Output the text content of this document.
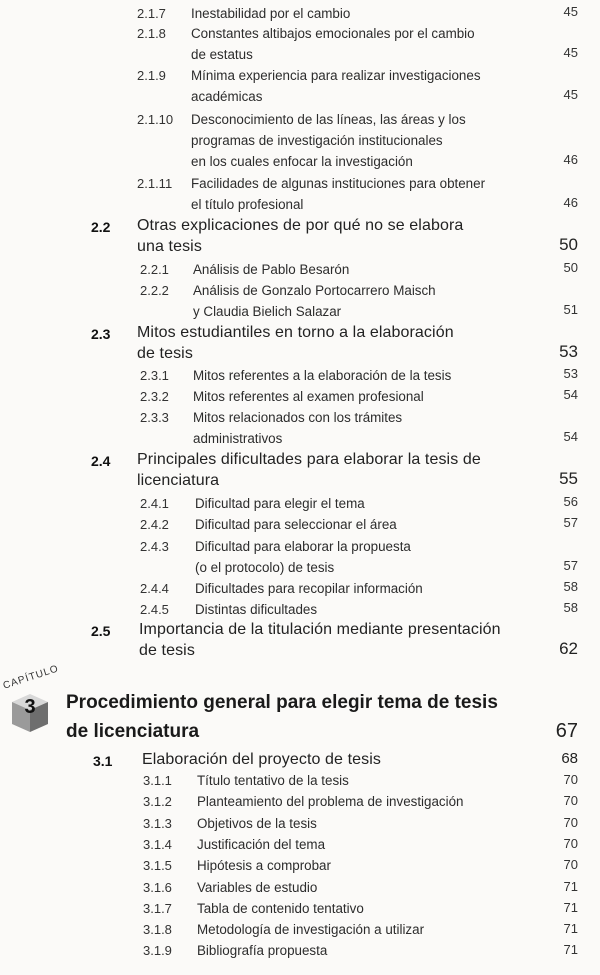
2.1.7 Inestabilidad por el cambio	45
2.1.8 Constantes altibajos emocionales por el cambio
de estatus	45
2.1.9 Mínima experiencia para realizar investigaciones
académicas	45
2.1.10 Desconocimiento de las líneas, las áreas y los
programas de investigación institucionales
en los cuales enfocar la investigación	46
2.1.11 Facilidades de algunas instituciones para obtener
el título profesional	46
2.2 Otras explicaciones de por qué no se elabora
una tesis	50
2.2.1 Análisis de Pablo Besarón	50
2.2.2 Análisis de Gonzalo Portocarrero Maisch
y Claudia Bielich Salazar	51
2.3 Mitos estudiantiles en torno a la elaboración
de tesis	53
2.3.1 Mitos referentes a la elaboración de la tesis	53
2.3.2 Mitos referentes al examen profesional	54
2.3.3 Mitos relacionados con los trámites
administrativos	54
2.4 Principales dificultades para elaborar la tesis de
licenciatura	55
2.4.1 Dificultad para elegir el tema	56
2.4.2 Dificultad para seleccionar el área	57
2.4.3 Dificultad para elaborar la propuesta
(o el protocolo) de tesis	57
2.4.4 Dificultades para recopilar información	58
2.4.5 Distintas dificultades	58
2.5 Importancia de la titulación mediante presentación
de tesis	62
CAPÍTULO
3 Procedimiento general para elegir tema de tesis
de licenciatura	67
3.1 Elaboración del proyecto de tesis	68
3.1.1 Título tentativo de la tesis	70
3.1.2 Planteamiento del problema de investigación	70
3.1.3 Objetivos de la tesis	70
3.1.4 Justificación del tema	70
3.1.5 Hipótesis a comprobar	70
3.1.6 Variables de estudio	71
3.1.7 Tabla de contenido tentativo	71
3.1.8 Metodología de investigación a utilizar	71
3.1.9 Bibliografía propuesta	71
